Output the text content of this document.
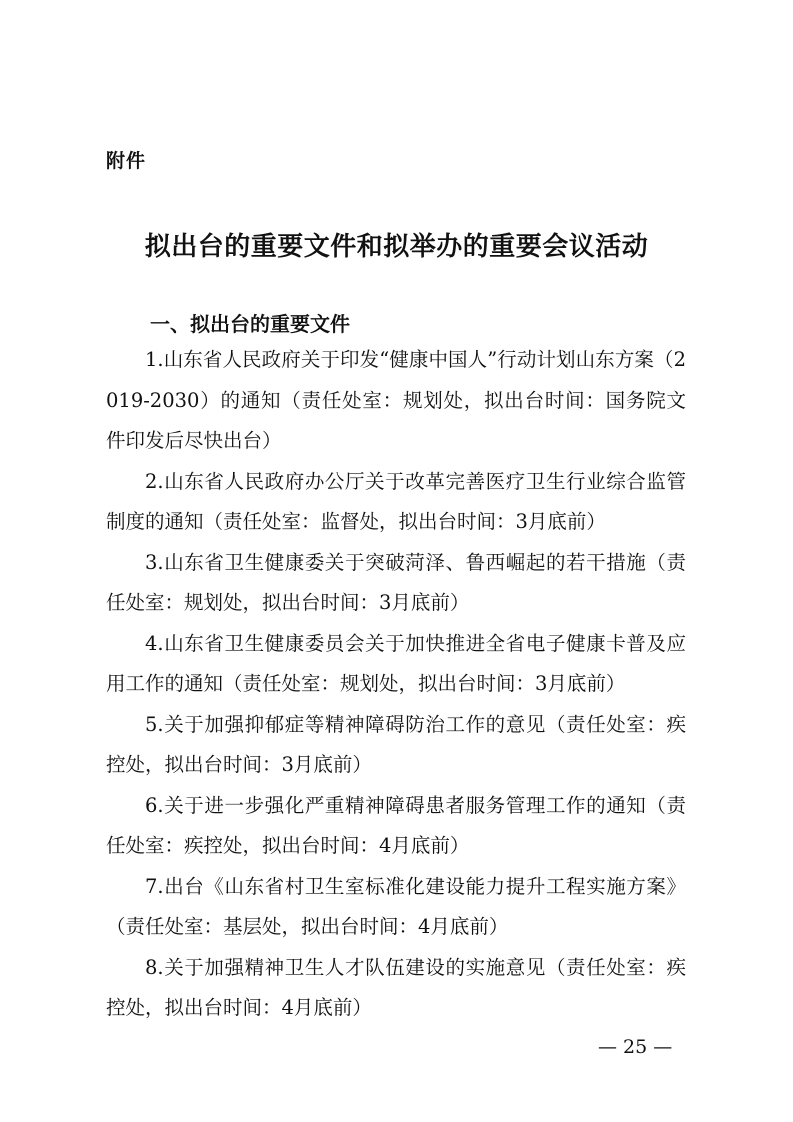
附件
拟出台的重要文件和拟举办的重要会议活动
一、拟出台的重要文件

1.山东省人民政府关于印发“健康中国人”行动计划山东方案（2019-2030）的通知（责任处室：规划处，拟出台时间：国务院文件印发后尽快出台）

2.山东省人民政府办公厅关于改革完善医疗卫生行业综合监管制度的通知（责任处室：监督处，拟出台时间：3月底前）

3.山东省卫生健康委关于突破菏泽、鲁西崛起的若干措施（责任处室：规划处，拟出台时间：3月底前）

4.山东省卫生健康委员会关于加快推进全省电子健康卡普及应用工作的通知（责任处室：规划处，拟出台时间：3月底前）

5.关于加强抑郁症等精神障碍防治工作的意见（责任处室：疾控处，拟出台时间：3月底前）

6.关于进一步强化严重精神障碍患者服务管理工作的通知（责任处室：疾控处，拟出台时间：4月底前）

7.出台《山东省村卫生室标准化建设能力提升工程实施方案》（责任处室：基层处，拟出台时间：4月底前）

8.关于加强精神卫生人才队伍建设的实施意见（责任处室：疾控处，拟出台时间：4月底前）

— 25 —
